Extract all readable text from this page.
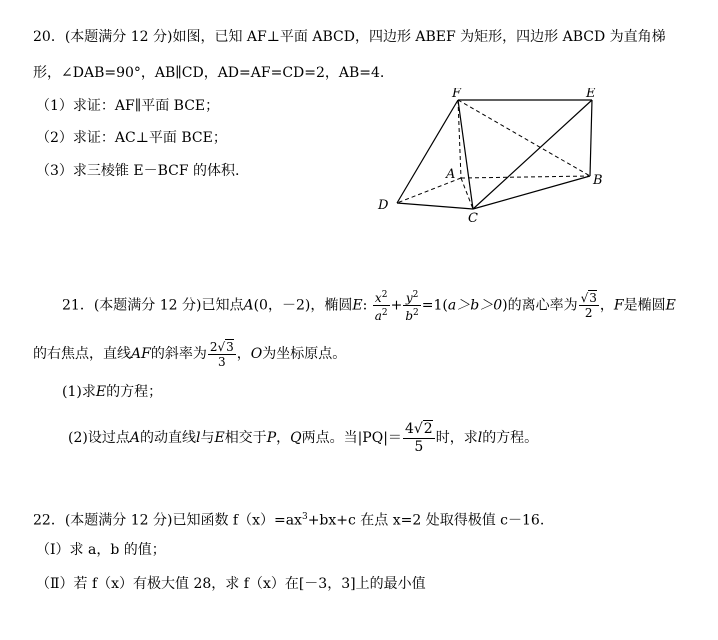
20．(本题满分 12 分)如图，已知 AF⊥平面 ABCD，四边形 ABEF 为矩形，四边形 ABCD 为直角梯
形，∠DAB=90°，AB∥CD，AD=AF=CD=2，AB=4.
（1）求证：AF∥平面 BCE；
（2）求证：AC⊥平面 BCE；
（3）求三棱锥 E－BCF 的体积.
F	E
A	B
D
C
21．(本题满分 12 分)已知点A(0，－2)，椭圆E: $\frac{x^2}{a^2} + \frac{y^2}{b^2} =1(a>b>0)$的离心率为 $\frac{√3}{2}$ ，F是椭圆E
的右焦点，直线AF的斜率为 $\frac{2√3}{3}$ ，O为坐标原点。
(1)求E的方程；
(2)设过点A的动直线l与E相交于P，Q两点。当$|PQ|= \frac{4√2}{5}$ 时，求l的方程。
22．(本题满分 12 分)已知函数 $f(x)=ax^3+bx+c$ 在点 x=2 处取得极值 c－16.
（Ⅰ）求 a，b 的值；
（Ⅱ）若 f（x）有极大值 28，求 f（x）在[－3，3]上的最小值
